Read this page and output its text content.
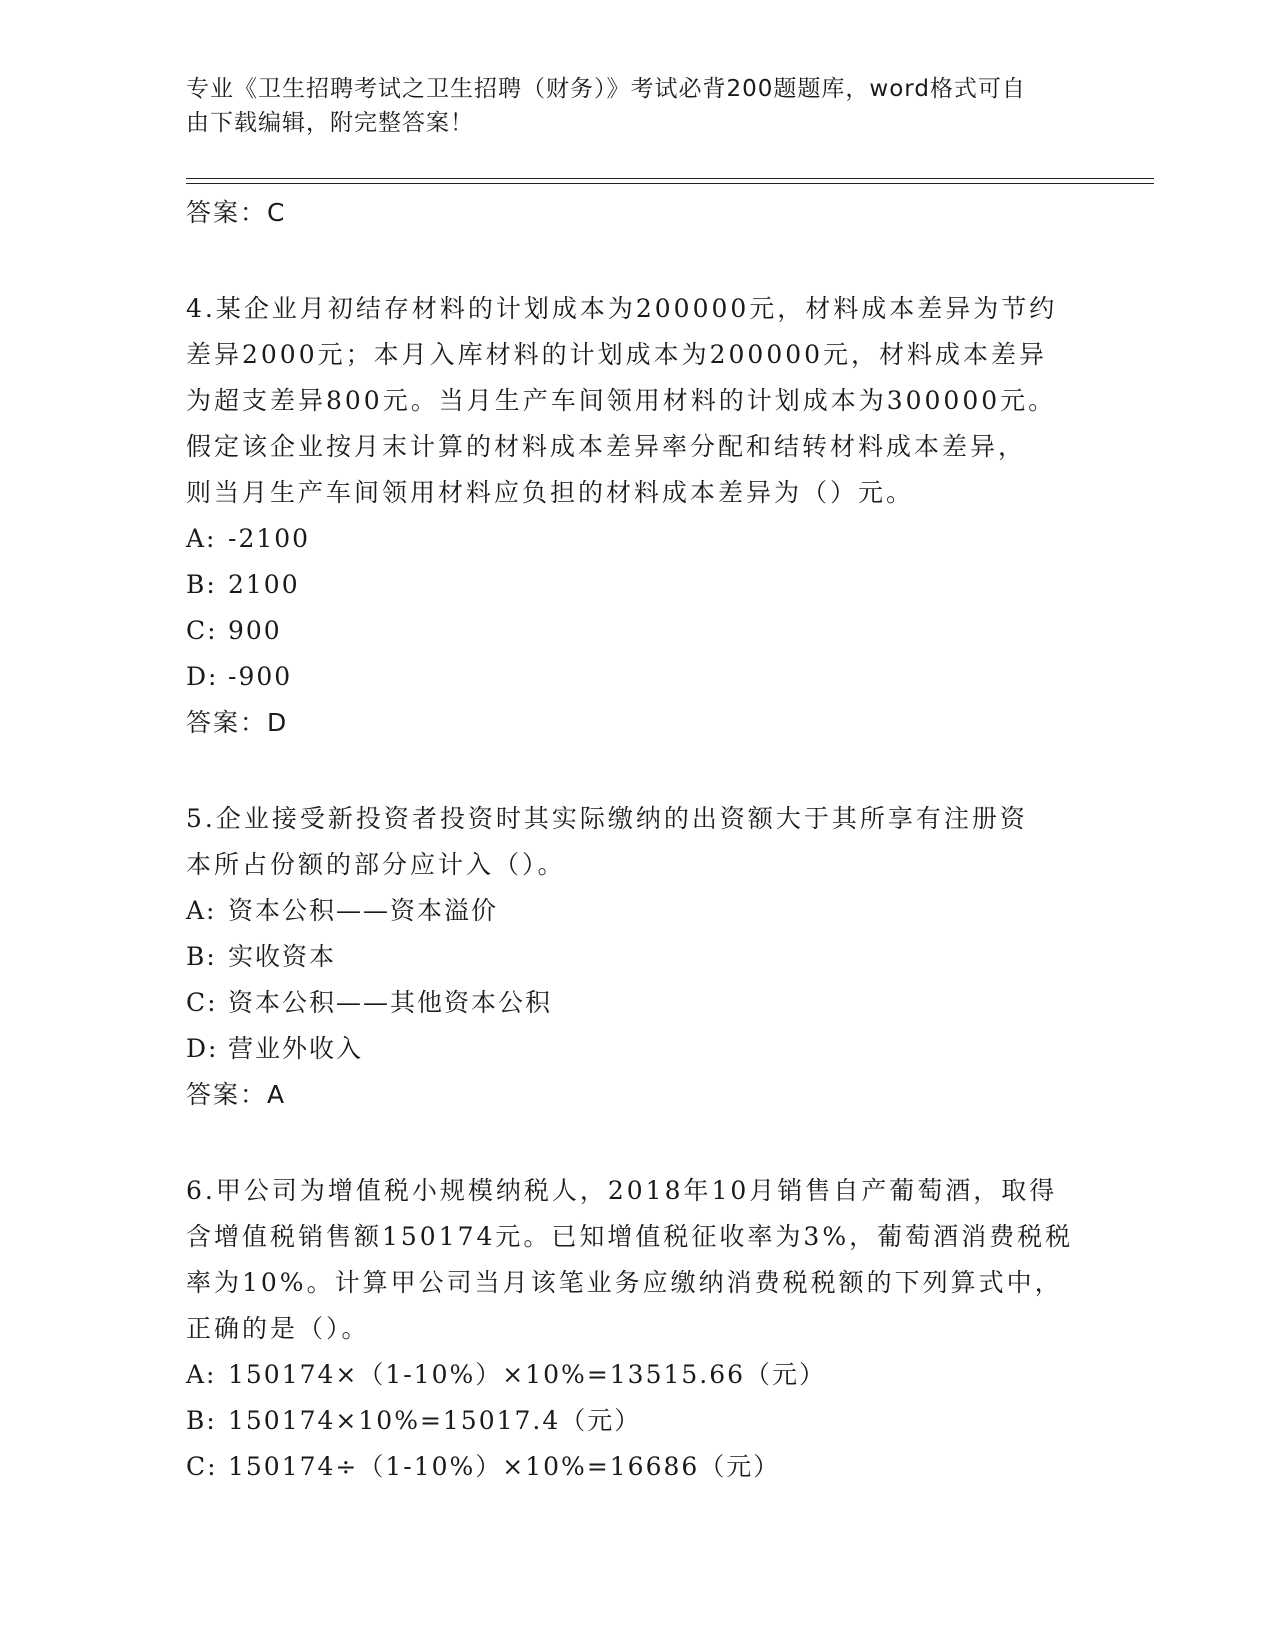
专业《卫生招聘考试之卫生招聘（财务）》考试必背200题题库，word格式可自
由下载编辑，附完整答案！
答案：C
4.某企业月初结存材料的计划成本为200000元，材料成本差异为节约
差异2000元；本月入库材料的计划成本为200000元，材料成本差异
为超支差异800元。当月生产车间领用材料的计划成本为300000元。
假定该企业按月末计算的材料成本差异率分配和结转材料成本差异，
则当月生产车间领用材料应负担的材料成本差异为（）元。
A: -2100
B: 2100
C: 900
D: -900
答案：D
5.企业接受新投资者投资时其实际缴纳的出资额大于其所享有注册资
本所占份额的部分应计入（）。
A: 资本公积——资本溢价
B: 实收资本
C: 资本公积——其他资本公积
D: 营业外收入
答案：A
6.甲公司为增值税小规模纳税人，2018年10月销售自产葡萄酒，取得
含增值税销售额150174元。已知增值税征收率为3%，葡萄酒消费税税
率为10%。计算甲公司当月该笔业务应缴纳消费税税额的下列算式中，
正确的是（）。
A: 150174×（1-10%）×10%=13515.66（元）
B: 150174×10%=15017.4（元）
C: 150174÷（1-10%）×10%=16686（元）
